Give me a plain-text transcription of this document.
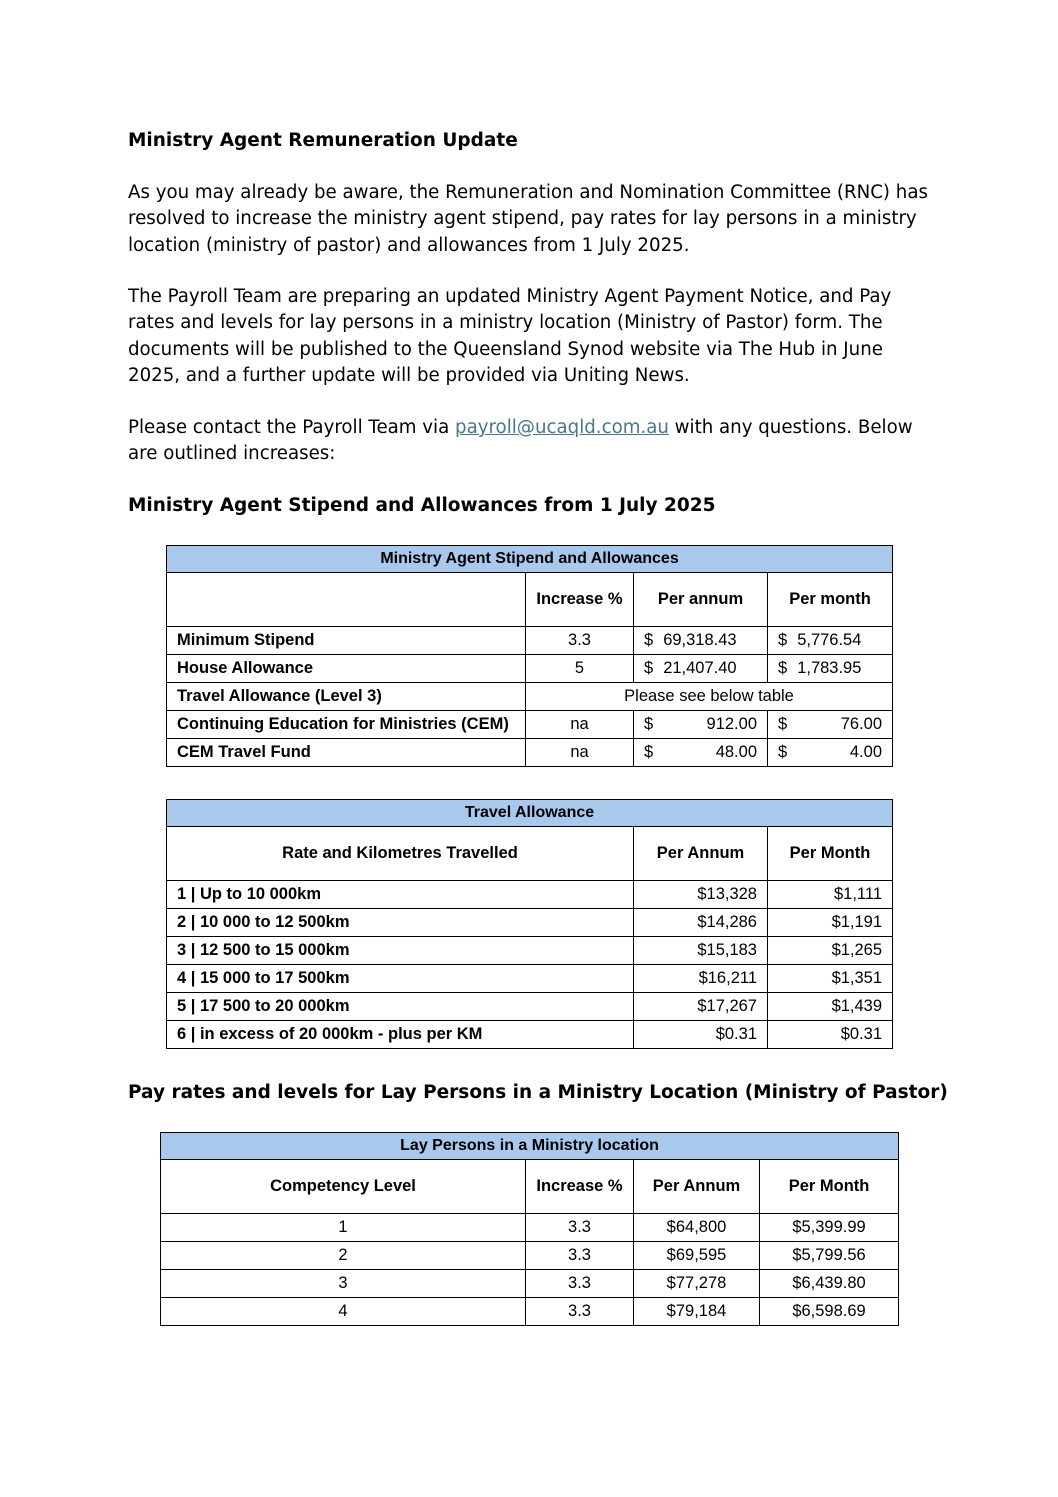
Ministry Agent Remuneration Update

As you may already be aware, the Remuneration and Nomination Committee (RNC) has
resolved to increase the ministry agent stipend, pay rates for lay persons in a ministry
location (ministry of pastor) and allowances from 1 July 2025.

The Payroll Team are preparing an updated Ministry Agent Payment Notice, and Pay
rates and levels for lay persons in a ministry location (Ministry of Pastor) form. The
documents will be published to the Queensland Synod website via The Hub in June
2025, and a further update will be provided via Uniting News.

Please contact the Payroll Team via payroll@ucaqld.com.au with any questions. Below
are outlined increases:

Ministry Agent Stipend and Allowances from 1 July 2025
Ministry Agent Stipend and Allowances			
	Increase %	Per annum	Per month
Minimum Stipend	3.3	$ 69,318.43	$ 5,776.54

House Allowance	5	$ 21,407.40	$ 1,783.95

Travel Allowance (Level 3)	Please see below table		
Continuing Education for Ministries (CEM)	na	$ 912.00	$ 76.00

CEM Travel Fund	na	$ 48.00	$ 4.00
Travel Allowance		
Rate and Kilometres Travelled	Per Annum	Per Month
1 | Up to 10 000km	$13,328	$1,111
2 | 10 000 to 12 500km	$14,286	$1,191
3 | 12 500 to 15 000km	$15,183	$1,265
4 | 15 000 to 17 500km	$16,211	$1,351
5 | 17 500 to 20 000km	$17,267	$1,439
6 | in excess of 20 000km - plus per KM	$0.31	$0.31
Pay rates and levels for Lay Persons in a Ministry Location (Ministry of Pastor)
Lay Persons in a Ministry location			
Competency Level	Increase %	Per Annum	Per Month
1	3.3	$64,800	$5,399.99
2	3.3	$69,595	$5,799.56
3	3.3	$77,278	$6,439.80
4	3.3	$79,184	$6,598.69
